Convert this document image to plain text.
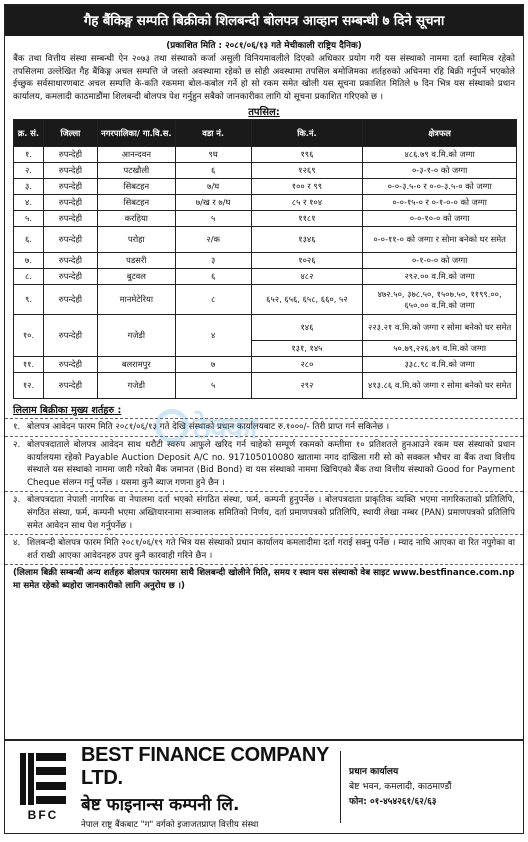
गैह बैंकिङ्ग सम्पति बिक्रीको शिलबन्दी बोलपत्र आव्हान सम्बन्धी ७ दिने सूचना
(प्रकाशित मिति : २०८१/०६/१३ गते मेचीकाली राष्ट्रिय दैनिक)
बैंक तथा वित्तीय संस्था सम्बन्धी ऐन २०७३ तथा संस्थाको कर्जा असुली विनियमावलीले दिएको अधिकार प्रयोग गरी यस संस्थाको नाममा दर्ता स्वामित्व रहेको तपसिलमा उल्लेखित गैह बैंकिङ्ग अचल सम्पत्ति जे जस्तो अवस्थामा रहेको छ सोही अवस्थामा तपसिल बमोजिमका शर्तहरुको अधिनमा रहि बिक्री गर्नुपर्ने भएकोले ईच्छुक सर्वसाधारणबाट अचल सम्पत्ति के-कति रकममा बोल-कबोल गर्ने हो सो रकम समेत खोली यस सूचना प्रकाशित मितिले ७ दिन भित्र यस संस्थाको प्रधान कार्यालय, कमलादी काठमाडौंमा शिलबन्दी बोलपत्र पेश गर्नुहुन सबैको जानकारीका लागि यो सूचना प्रकाशित गरिएको छ ।
तपसिल:
क्र. सं.	जिल्ला	नगरपालिका/ गा.वि.स.	वडा नं.	कि.नं.	क्षेत्रफल
१.	रुपन्देही	आनन्दवन	९घ	१९६	४८६.७९ व.मि.को जग्गा
२.	रुपन्देही	पटखौली	६	१२६९	०-३-१-० को जग्गा
३.	रुपन्देही	सिबटहन	७/घ	१०० र ९९	०-०-३.५-० र ०-०-३.५-० को जग्गा
४.	रुपन्देही	सिबटहन	७/ख र ७/घ	८५ र १०४	०-०-१५-० र ०-१-०-० को जग्गा
५.	रुपन्देही	करहिया	५	११८१	०-०-१०-० को जग्गा
६.	रुपन्देही	परोहा	२/क	१३४६	०-०-११-० को जग्गा र सोमा बनेको घर समेत
७.	रुपन्देही	पडसरी	३	१०२६	०-१-०-० को जग्गा
८.	रुपन्देही	बुटवल	६	४८२	२९२.०० व.मि.को जग्गा
९.	रुपन्देही	मानमेटेरिया	८	६५२, ६५६, ६५८, ६६०, ५२	४७२.५०, ३७८.५०, १५०७.५०, ११९९.००, ६५०.०० व.मि.को जग्गा
१०.	रुपन्देही	गजेडी	४	१४६	२२३.२१ व.मि.को जग्गा र सोमा बनेको घर समेत
				१३१, १४५	५०.७९,२२६.७९ व.मि.को जग्गा
११.	रुपन्देही	बलरामपुर	७	२८०	३३८.९८ व.मि.को जग्गा
१२.	रुपन्देही	गजेडी	५	२९२	४१३.८६ व.मि.को जग्गा र सोमा बनेको घर समेत
ठेक्का
लिलाम बिक्रीका मुख्य शर्तहरु :
१. बोलपत्र आवेदन फारम मिति २०८१/०६/१३ गते देखि संस्थाको प्रधान कार्यालयबाट रु.१०००/- तिरी प्राप्त गर्न सकिनेछ ।
२. बोलपत्रदाताले बोलपत्र आवेदन साथ धरौटी स्वरुप आफुले खरिद गर्न चाहेको सम्पूर्ण रकमको कम्तीमा १० प्रतिशतले हुनआउने रकम यस संस्थाको प्रधान कार्यालयमा रहेको Payable Auction Deposit A/C no. 917105010080 खातामा नगद दाखिला गरी सो को सक्कल भौचर वा बैंक तथा वित्तीय संस्थाले यस संस्थाको नाममा जारी गरेको बैंक जमानत (Bid Bond) वा यस संस्थाको नाममा खिचिएको बैंक तथा वित्तीय संस्थाको Good for Payment Cheque संलग्न गर्नु पर्नेछ । यसमा कुनै ब्याज गणना हुने छैन ।
३. बोलपत्रदाता नेपाली नागरिक वा नेपालमा दर्ता भएको संगठित संस्था, फर्म, कम्पनी हुनुपर्नेछ । बोलपत्रदाता प्राकृतिक व्यक्ति भएमा नागरिकताको प्रतिलिपि, संगठित संस्था, फर्म, कम्पनी भएमा अख्तियारनामा सञ्चालक समितिको निर्णय, दर्ता प्रमाणपत्रको प्रतिलिपि, स्थायी लेखा नम्बर (PAN) प्रमाणपत्रको प्रतिलिपि समेत आवेदन साथ पेश गर्नुपर्नेछ ।
४. शिलबन्दी बोलपत्र फारम मिति २०८१/०६/१९ गते भित्र यस संस्थाको प्रधान कार्यालय कमलादीमा दर्ता गराई सक्नु पर्नेछ । म्याद नाघि आएका वा रित नपुगेका वा शर्त राखी आएका आवेदनहरु उपर कुनै कारवाही गरिने छैन ।
(लिलाम बिक्री सम्बन्धी अन्य शर्तहरु बोलपत्र फारममा साथै शिलबन्दी खोलीने मिति, समय र स्थान यस संस्थाको वेब साइट www.bestfinance.com.np मा समेत रहेको ब्यहोरा जानकारीको लागि अनुरोध छ ।)
BFC
BEST FINANCE COMPANY LTD.
बेष्ट फाइनान्स कम्पनी लि.
नेपाल राष्ट्र बैंकबाट "ग" वर्गको इजाजतप्राप्त वित्तीय संस्था
प्रधान कार्यालय
बेष्ट भवन, कमलादी, काठमाण्डौं
फोन: ०१-४५४२६१/६२/६३
